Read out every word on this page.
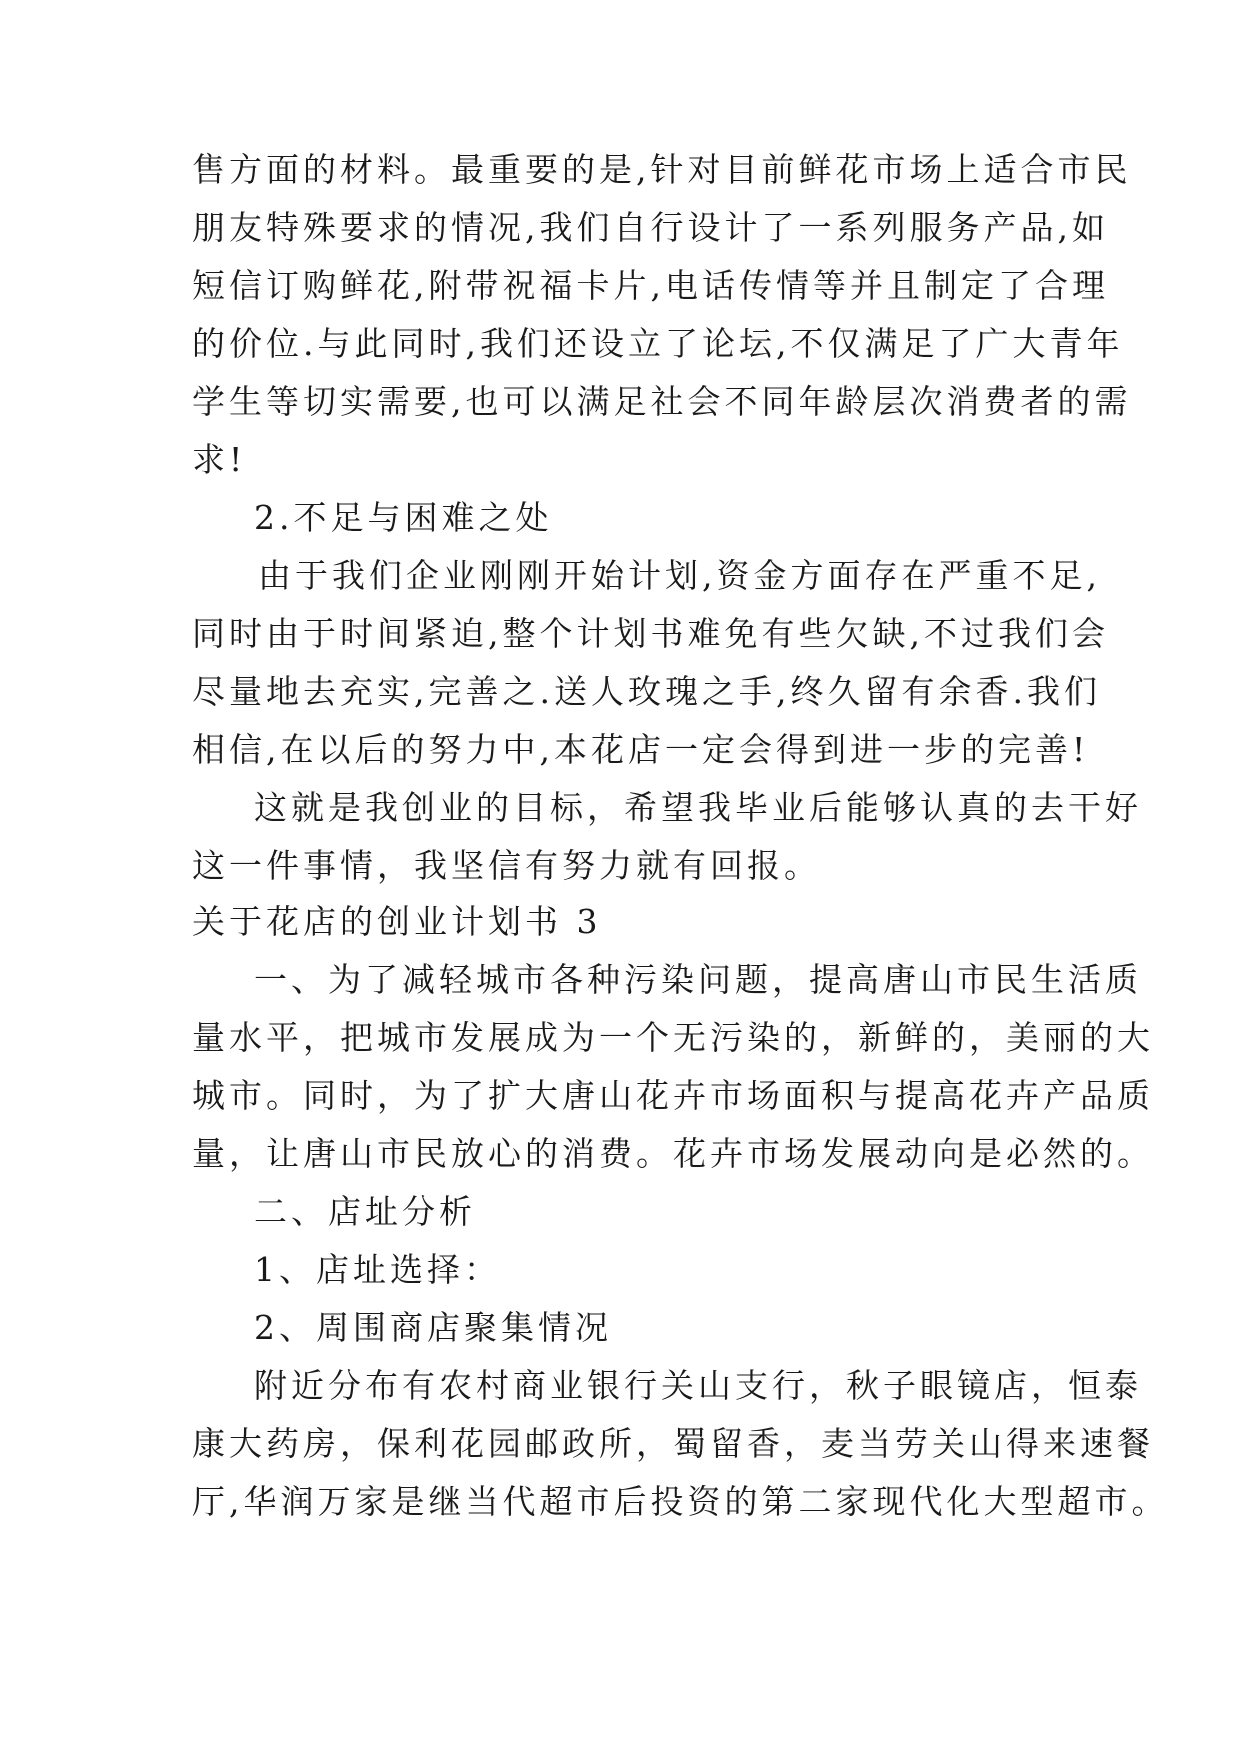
售方面的材料。最重要的是,针对目前鲜花市场上适合市民
朋友特殊要求的情况,我们自行设计了一系列服务产品,如
短信订购鲜花,附带祝福卡片,电话传情等并且制定了合理
的价位.与此同时,我们还设立了论坛,不仅满足了广大青年
学生等切实需要,也可以满足社会不同年龄层次消费者的需
求!
2.不足与困难之处
由于我们企业刚刚开始计划,资金方面存在严重不足,
同时由于时间紧迫,整个计划书难免有些欠缺,不过我们会
尽量地去充实,完善之.送人玫瑰之手,终久留有余香.我们
相信,在以后的努力中,本花店一定会得到进一步的完善!
这就是我创业的目标，希望我毕业后能够认真的去干好
这一件事情，我坚信有努力就有回报。
关于花店的创业计划书 3
一、为了减轻城市各种污染问题，提高唐山市民生活质
量水平，把城市发展成为一个无污染的，新鲜的，美丽的大
城市。同时，为了扩大唐山花卉市场面积与提高花卉产品质
量，让唐山市民放心的消费。花卉市场发展动向是必然的。
二、店址分析
1、店址选择：
2、周围商店聚集情况
附近分布有农村商业银行关山支行，秋子眼镜店，恒泰
康大药房，保利花园邮政所，蜀留香，麦当劳关山得来速餐
厅,华润万家是继当代超市后投资的第二家现代化大型超市。
